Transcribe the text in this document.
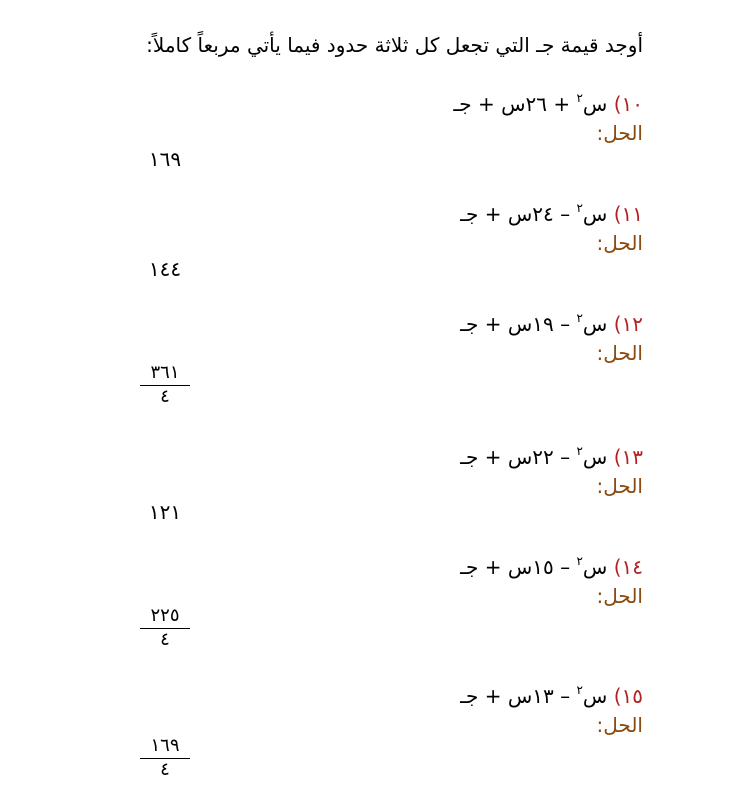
أوجد قيمة جـ التي تجعل كل ثلاثة حدود فيما يأتي مربعاً كاملاً:
١٠) س$^٢$ + ٢٦س + جـ
الحل:
١٦٩
١١) س$^٢$ – ٢٤س + جـ
الحل:
١٤٤
١٢) س$^٢$ – ١٩س + جـ
الحل:
٣٦١
٤
١٣) س$^٢$ – ٢٢س + جـ
الحل:
١٢١
١٤) س$^٢$ – ١٥س + جـ
الحل:
٢٢٥
٤
١٥) س$^٢$ – ١٣س + جـ
الحل:
١٦٩
٤
